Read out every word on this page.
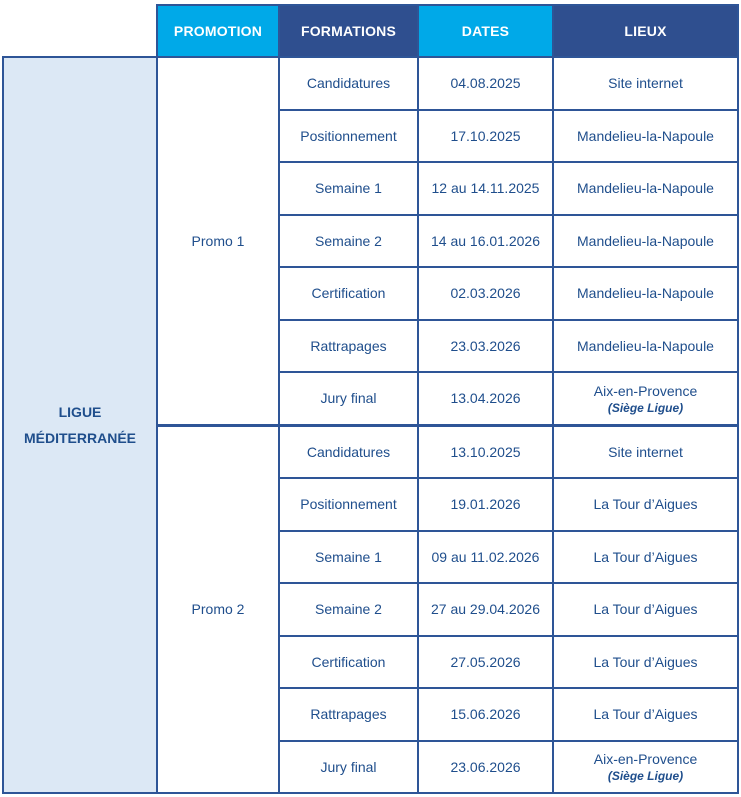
	PROMOTION	FORMATIONS	DATES	LIEUX

LIGUE
MÉDITERRANÉE	Promo 1	Candidatures	04.08.2025	Site internet

		Positionnement	17.10.2025	Mandelieu-la-Napoule

		Semaine 1	12 au 14.11.2025	Mandelieu-la-Napoule

		Semaine 2	14 au 16.01.2026	Mandelieu-la-Napoule

		Certification	02.03.2026	Mandelieu-la-Napoule

		Rattrapages	23.03.2026	Mandelieu-la-Napoule

		Jury final	13.04.2026	Aix-en-Provence
(Siège Ligue)

	Promo 2	Candidatures	13.10.2025	Site internet

		Positionnement	19.01.2026	La Tour d’Aigues

		Semaine 1	09 au 11.02.2026	La Tour d’Aigues

		Semaine 2	27 au 29.04.2026	La Tour d’Aigues

		Certification	27.05.2026	La Tour d’Aigues

		Rattrapages	15.06.2026	La Tour d’Aigues

		Jury final	23.06.2026	Aix-en-Provence
(Siège Ligue)
